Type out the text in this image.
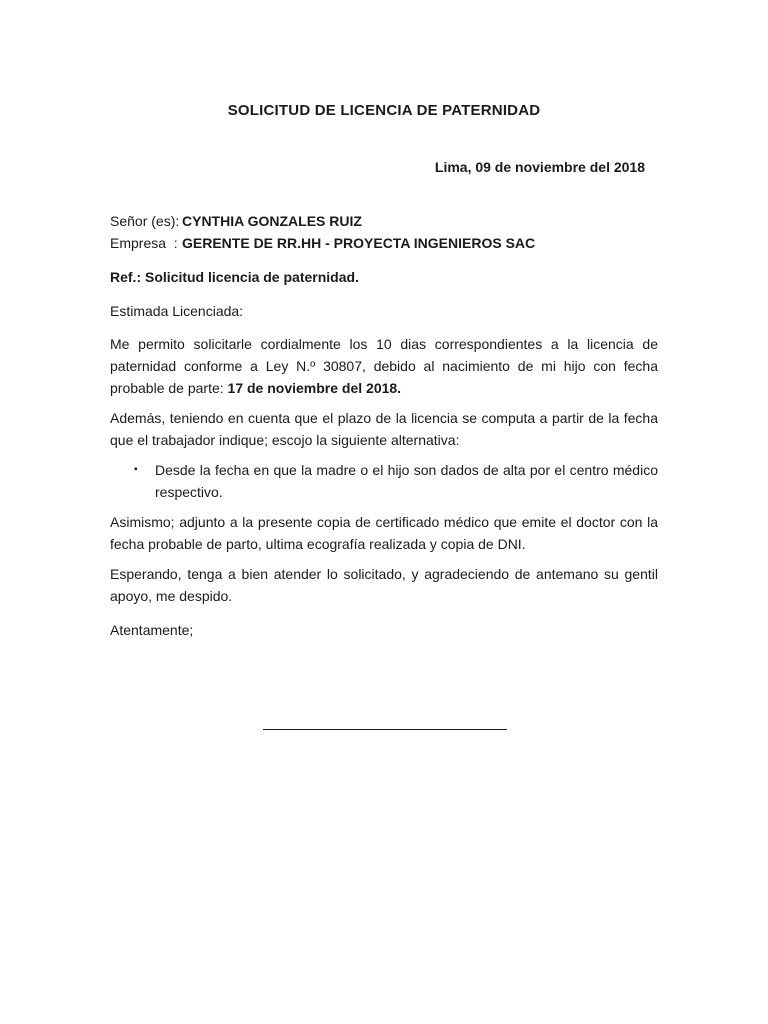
SOLICITUD DE LICENCIA DE PATERNIDAD
Lima, 09 de noviembre del 2018
Señor (es): CYNTHIA GONZALES RUIZ
Empresa  : GERENTE DE RR.HH - PROYECTA INGENIEROS SAC
Ref.: Solicitud licencia de paternidad.
Estimada Licenciada:

Me permito solicitarle cordialmente los 10 dias correspondientes a la licencia de paternidad conforme a Ley N.º 30807, debido al nacimiento de mi hijo con fecha probable de parte: 17 de noviembre del 2018.

Además, teniendo en cuenta que el plazo de la licencia se computa a partir de la fecha que el trabajador indique; escojo la siguiente alternativa:

▪ Desde la fecha en que la madre o el hijo son dados de alta por el centro médico respectivo.

Asimismo; adjunto a la presente copia de certificado médico que emite el doctor con la fecha probable de parto, ultima ecografía realizada y copia de DNI.

Esperando, tenga a bien atender lo solicitado, y agradeciendo de antemano su gentil apoyo, me despido.

Atentamente;
